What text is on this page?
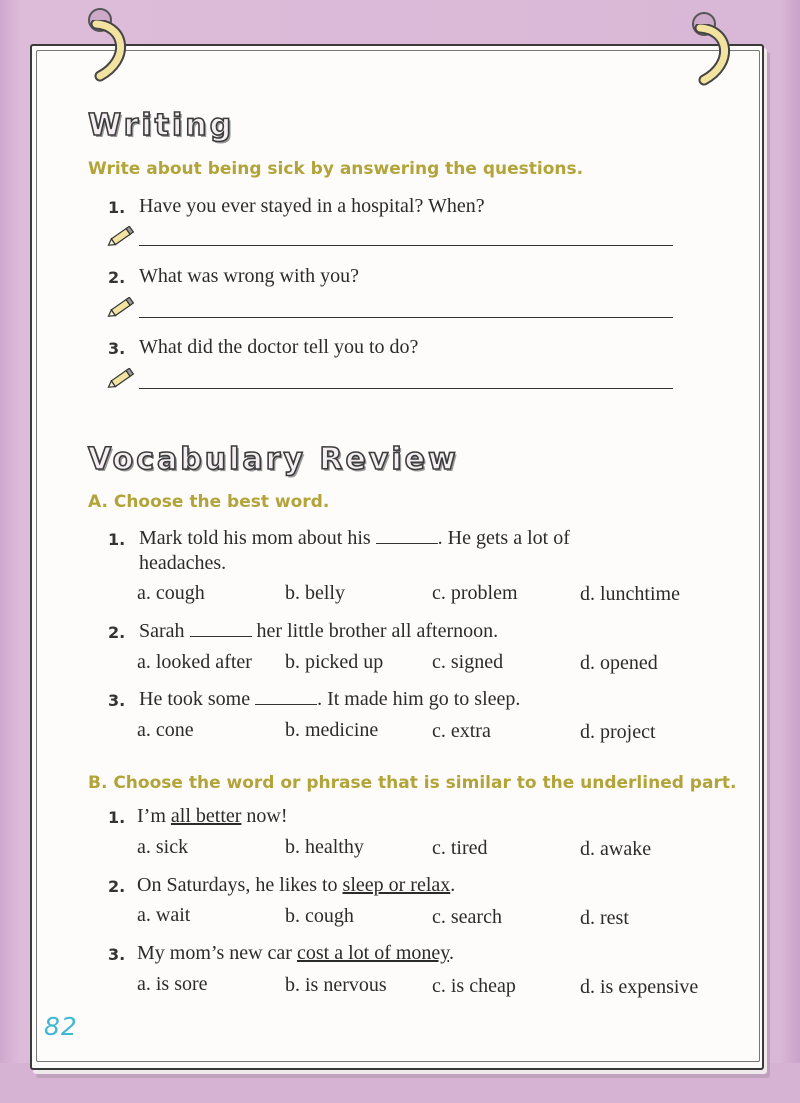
Writing
Write about being sick by answering the questions.
1. Have you ever stayed in a hospital? When?
2. What was wrong with you?
3. What did the doctor tell you to do?
Vocabulary Review
A. Choose the best word.
1. Mark told his mom about his	. He gets a lot of
headaches.
a. cough	b. belly	c. problem	d. lunchtime
2. Sarah	her little brother all afternoon.
a. looked after b. picked up c. signed	d. opened
3. He took some	. It made him go to sleep.
a. cone	b. medicine	c. extra	d. project
B. Choose the word or phrase that is similar to the underlined part.
1. I’m all better now!
a. sick	b. healthy	c. tired	d. awake
2. On Saturdays, he likes to sleep or relax.
a. wait	b. cough	c. search	d. rest
3. My mom’s new car cost a lot of money.
a. is sore	b. is nervous c. is cheap	d. is expensive
82
